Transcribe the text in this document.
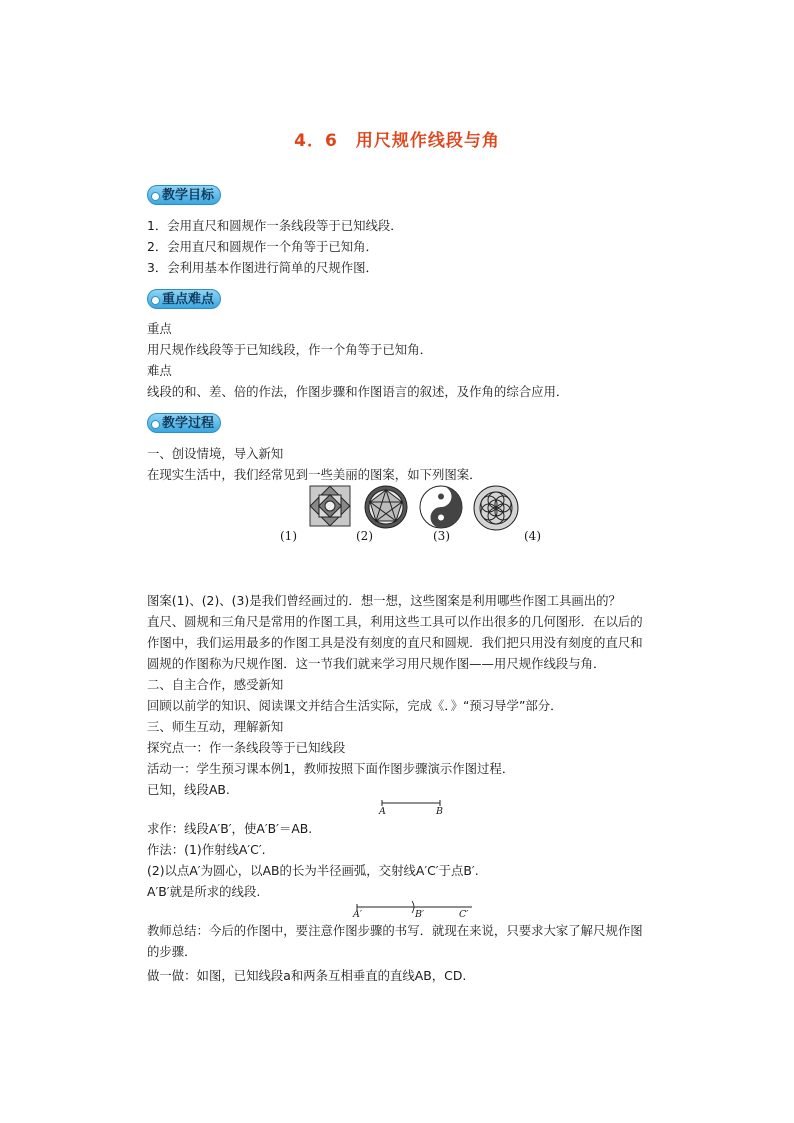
4．6　用尺规作线段与角
教学目标
1．会用直尺和圆规作一条线段等于已知线段．
2．会用直尺和圆规作一个角等于已知角．
3．会利用基本作图进行简单的尺规作图．
重点难点
重点
用尺规作线段等于已知线段，作一个角等于已知角．
难点
线段的和、差、倍的作法，作图步骤和作图语言的叙述，及作角的综合应用．
教学过程
一、创设情境，导入新知
在现实生活中，我们经常见到一些美丽的图案，如下列图案．
(1)	(2)	(3)	(4)
图案(1)、(2)、(3)是我们曾经画过的．想一想，这些图案是利用哪些作图工具画出的？
直尺、圆规和三角尺是常用的作图工具，利用这些工具可以作出很多的几何图形．在以后的作图中，我们运用最多的作图工具是没有刻度的直尺和圆规．我们把只用没有刻度的直尺和圆规的作图称为尺规作图．这一节我们就来学习用尺规作图——用尺规作线段与角．
二、自主合作，感受新知
回顾以前学的知识、阅读课文并结合生活实际，完成《．》“预习导学”部分．
三、师生互动，理解新知
探究点一：作一条线段等于已知线段
活动一：学生预习课本例1，教师按照下面作图步骤演示作图过程．
已知，线段AB.
A	B
求作：线段A′B′，使A′B′＝AB.
作法：(1)作射线A′C′.
(2)以点A′为圆心，以AB的长为半径画弧，交射线A′C′于点B′.
A′B′就是所求的线段.
A′	B′	C′
教师总结：今后的作图中，要注意作图步骤的书写．就现在来说，只要求大家了解尺规作图的步骤．
做一做：如图，已知线段a和两条互相垂直的直线AB，CD.
